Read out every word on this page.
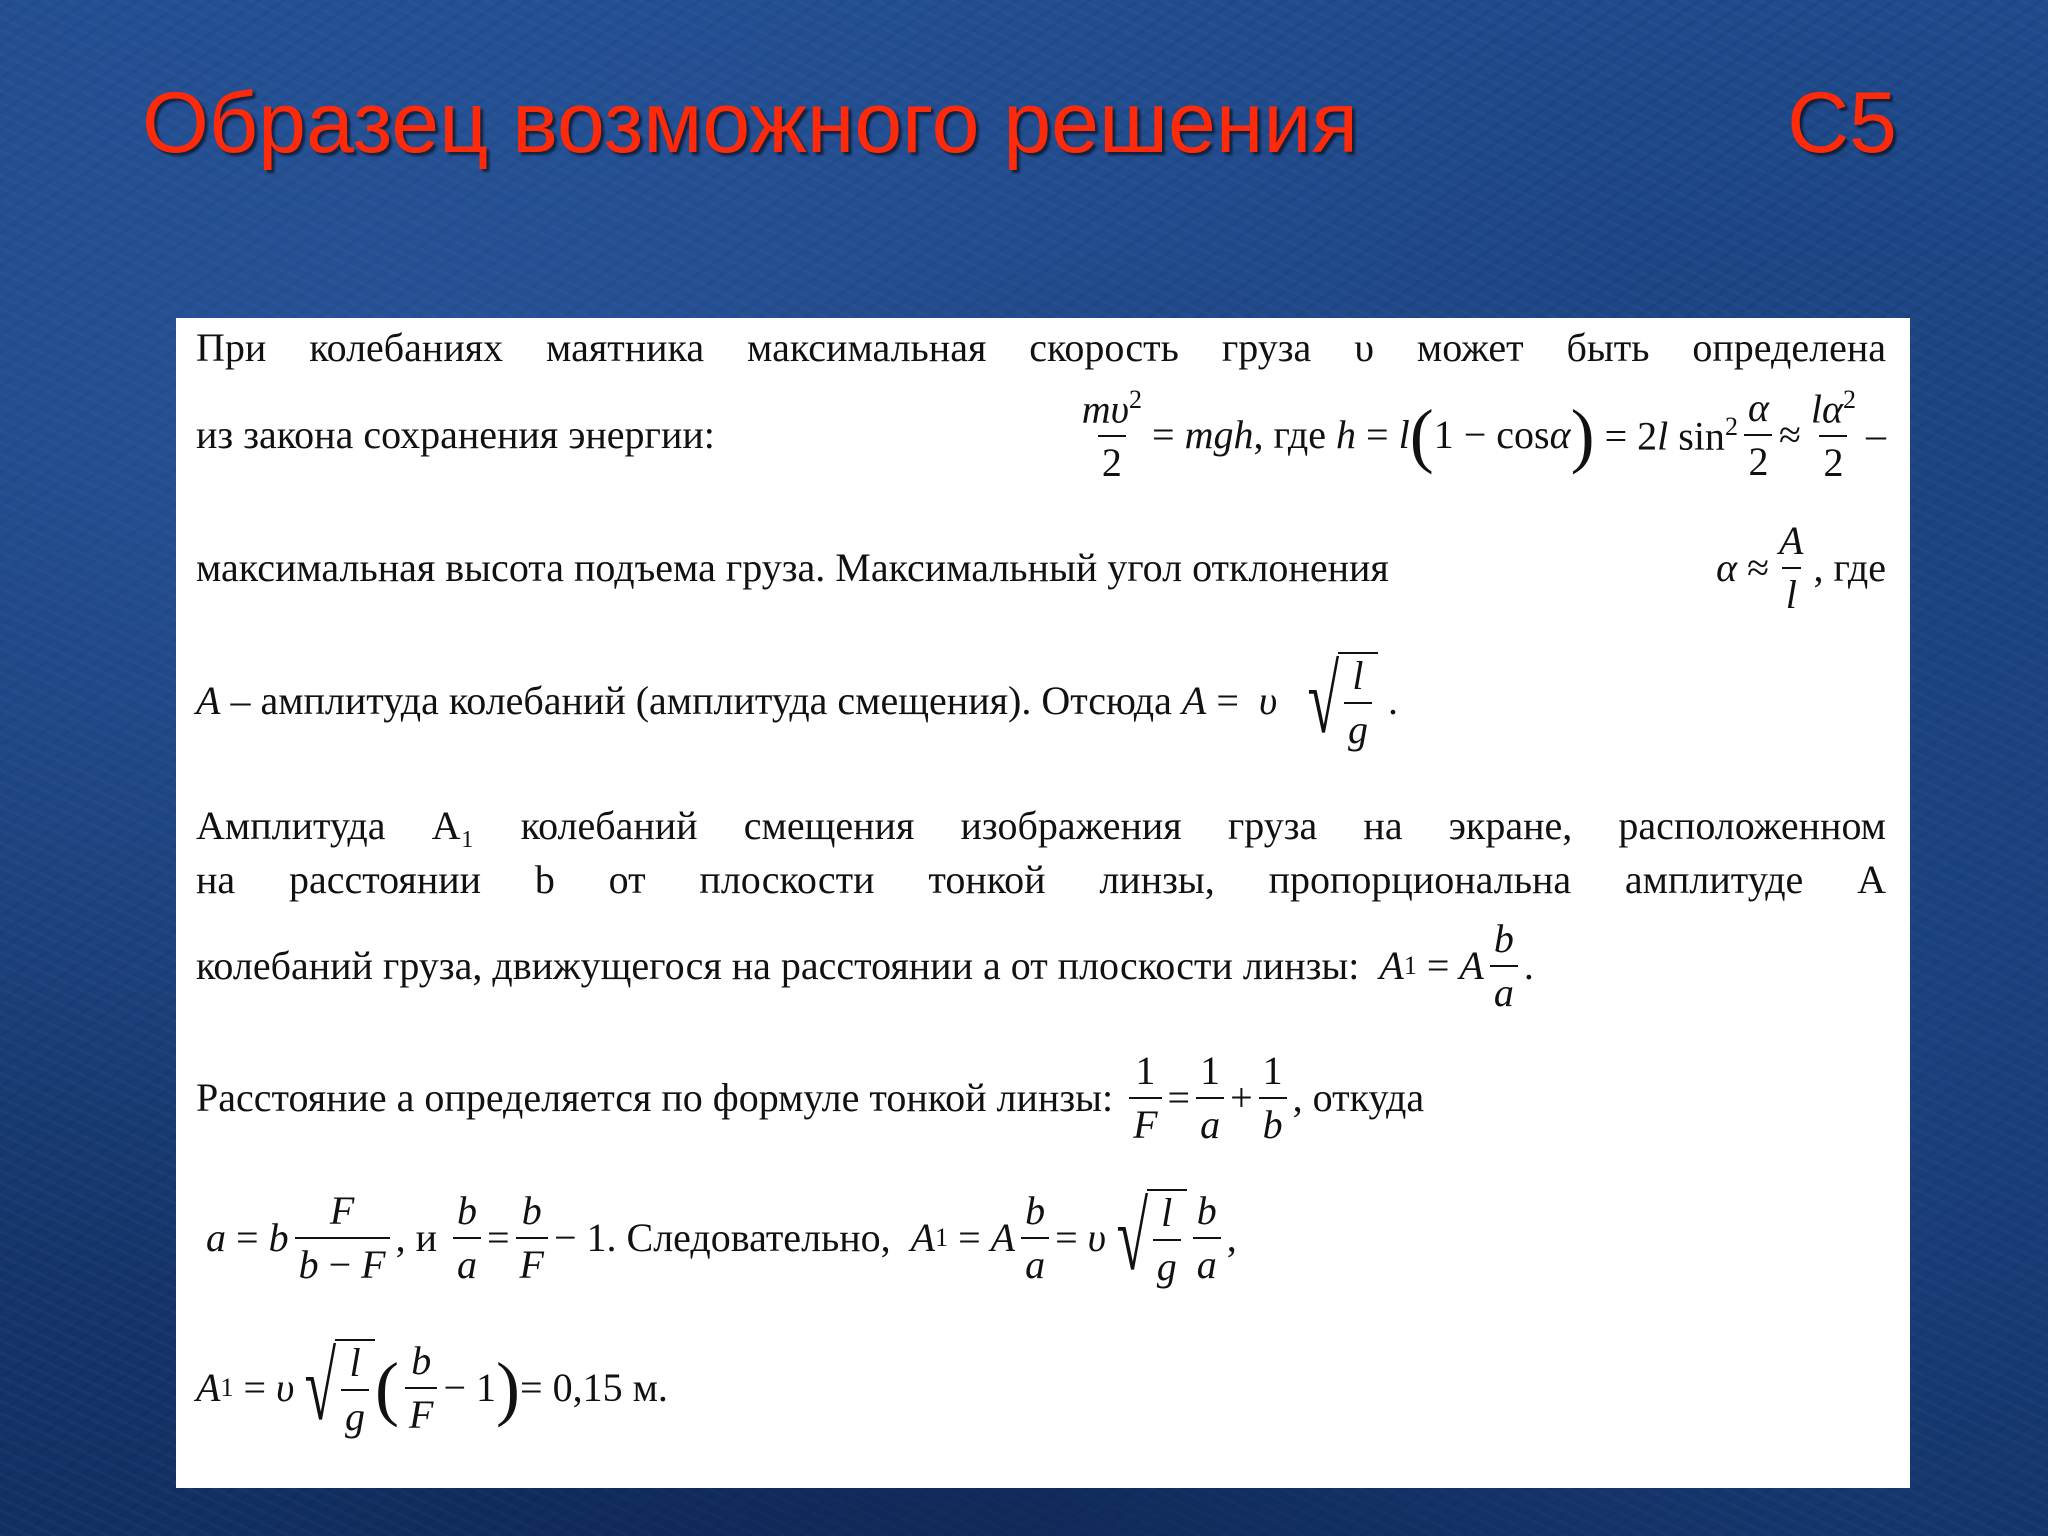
Образец возможного решения	С5
При колебаниях маятника максимальная скорость груза υ может быть определена
из закона сохранения энергии:	$\frac{m\upsilon^2}{2}$ = mgh , где h = l ( 1 − cosα ) = 2l $\sin^2 \frac{\alpha}{2} \approx \frac{l\alpha^2}{2}$ –
максимальная высота подъема груза. Максимальный угол отклонения	$\alpha \approx \frac{A}{l}$ , где
A
– амплитуда колебаний (амплитуда смещения). Отсюда
A = υ
√ $\frac{l}{g}$ .
Амплитуда A₁ колебаний смещения изображения груза на экране, расположенном
на расстоянии b от плоскости тонкой линзы, пропорциональна амплитуде A
колебаний груза, движущегося на расстоянии a от плоскости линзы:
A 1 = A $\frac{b}{a}$ .
Расстояние a определяется по формуле тонкой линзы:
$\frac{1}{F} = \frac{1}{a} + \frac{1}{b}$ , откуда

a = b $\frac{F}{b - F}$ , и
$\frac{b}{a} = \frac{b}{F} - 1$ . Следовательно,
A 1 = A $\frac{b}{a} = \upsilon$ √ $\frac{l}{g} \frac{b}{a}$ ,
A 1 = υ √ $\frac{l}{g}$ ( $\frac{b}{F} - 1$ ) = 0,15 м.
